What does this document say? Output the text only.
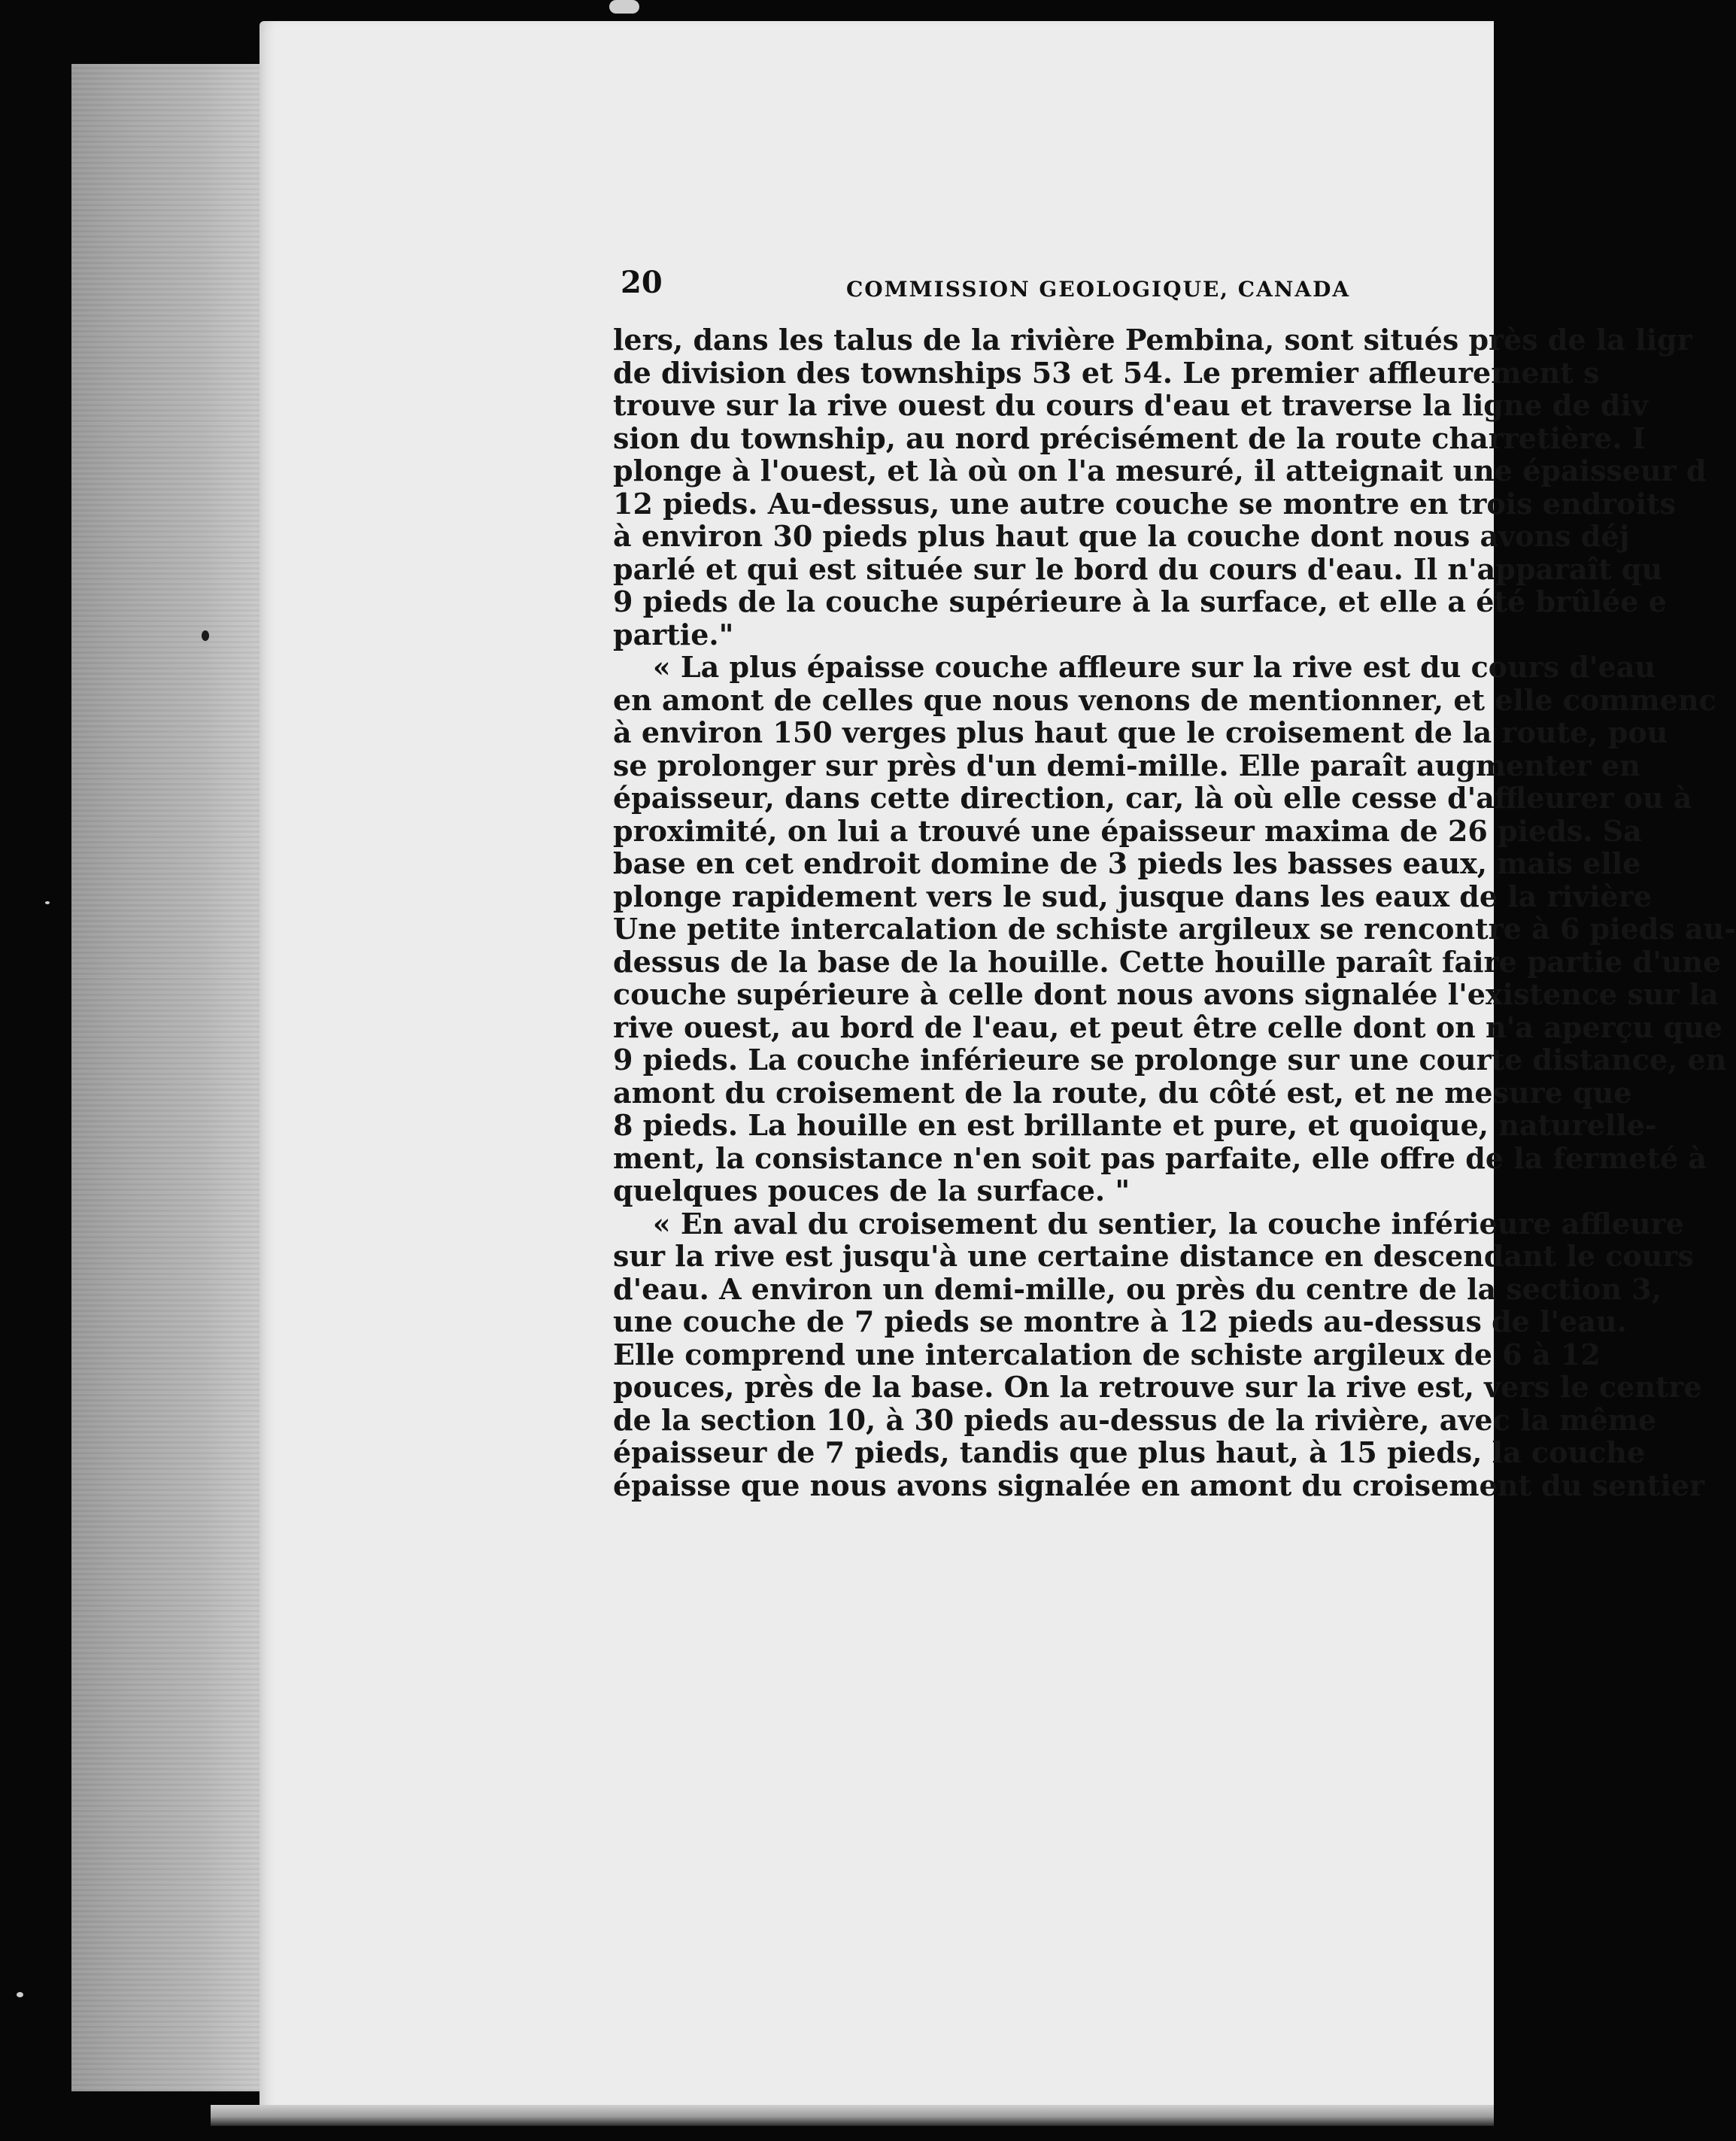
20	COMMISSION GEOLOGIQUE, CANADA
lers, dans les talus de la rivière Pembina, sont situés près de la ligr
de division des townships 53 et 54. Le premier affleurement s
trouve sur la rive ouest du cours d'eau et traverse la ligne de div
sion du township, au nord précisément de la route charretière. I
plonge à l'ouest, et là où on l'a mesuré, il atteignait une épaisseur d
12 pieds. Au-dessus, une autre couche se montre en trois endroits
à environ 30 pieds plus haut que la couche dont nous avons déj
parlé et qui est située sur le bord du cours d'eau. Il n'apparaît qu
9 pieds de la couche supérieure à la surface, et elle a été brûlée e
partie."
« La plus épaisse couche affleure sur la rive est du cours d'eau
en amont de celles que nous venons de mentionner, et elle commenc
à environ 150 verges plus haut que le croisement de la route, pou
se prolonger sur près d'un demi-mille. Elle paraît augmenter en
épaisseur, dans cette direction, car, là où elle cesse d'affleurer ou à
proximité, on lui a trouvé une épaisseur maxima de 26 pieds. Sa
base en cet endroit domine de 3 pieds les basses eaux, mais elle
plonge rapidement vers le sud, jusque dans les eaux de la rivière
Une petite intercalation de schiste argileux se rencontre à 6 pieds au-
dessus de la base de la houille. Cette houille paraît faire partie d'une
couche supérieure à celle dont nous avons signalée l'existence sur la
rive ouest, au bord de l'eau, et peut être celle dont on n'a aperçu que
9 pieds. La couche inférieure se prolonge sur une courte distance, en
amont du croisement de la route, du côté est, et ne mesure que
8 pieds. La houille en est brillante et pure, et quoique, naturelle-
ment, la consistance n'en soit pas parfaite, elle offre de la fermeté à
quelques pouces de la surface. "
« En aval du croisement du sentier, la couche inférieure affleure
sur la rive est jusqu'à une certaine distance en descendant le cours
d'eau. A environ un demi-mille, ou près du centre de la section 3,
une couche de 7 pieds se montre à 12 pieds au-dessus de l'eau.
Elle comprend une intercalation de schiste argileux de 6 à 12
pouces, près de la base. On la retrouve sur la rive est, vers le centre
de la section 10, à 30 pieds au-dessus de la rivière, avec la même
épaisseur de 7 pieds, tandis que plus haut, à 15 pieds, la couche
épaisse que nous avons signalée en amont du croisement du sentier
